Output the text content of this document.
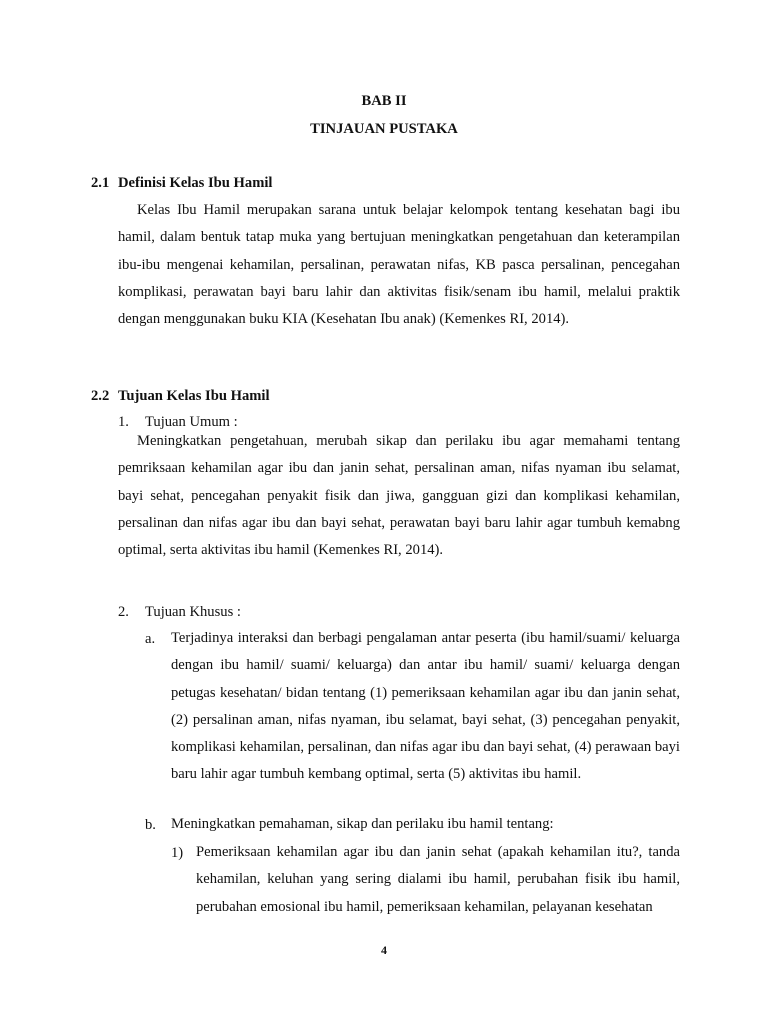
BAB II
TINJAUAN PUSTAKA
2.1 Definisi Kelas Ibu Hamil

Kelas Ibu Hamil merupakan sarana untuk belajar kelompok tentang kesehatan bagi ibu hamil, dalam bentuk tatap muka yang bertujuan meningkatkan pengetahuan dan keterampilan ibu-ibu mengenai kehamilan, persalinan, perawatan nifas, KB pasca persalinan, pencegahan komplikasi, perawatan bayi baru lahir dan aktivitas fisik/senam ibu hamil, melalui praktik dengan menggunakan buku KIA (Kesehatan Ibu anak) (Kemenkes RI, 2014).

2.2 Tujuan Kelas Ibu Hamil
1. Tujuan Umum :

Meningkatkan pengetahuan, merubah sikap dan perilaku ibu agar memahami tentang pemriksaan kehamilan agar ibu dan janin sehat, persalinan aman, nifas nyaman ibu selamat, bayi sehat, pencegahan penyakit fisik dan jiwa, gangguan gizi dan komplikasi kehamilan, persalinan dan nifas agar ibu dan bayi sehat, perawatan bayi baru lahir agar tumbuh kemabng optimal, serta aktivitas ibu hamil (Kemenkes RI, 2014).

2. Tujuan Khusus :
a. Terjadinya interaksi dan berbagi pengalaman antar peserta (ibu hamil/suami/ keluarga dengan ibu hamil/ suami/ keluarga) dan antar ibu hamil/ suami/ keluarga dengan petugas kesehatan/ bidan tentang (1) pemeriksaan kehamilan agar ibu dan janin sehat, (2) persalinan aman, nifas nyaman, ibu selamat, bayi sehat, (3) pencegahan penyakit, komplikasi kehamilan, persalinan, dan nifas agar ibu dan bayi sehat, (4) perawaan bayi baru lahir agar tumbuh kembang optimal, serta (5) aktivitas ibu hamil.

b. Meningkatkan pemahaman, sikap dan perilaku ibu hamil tentang:

1) Pemeriksaan kehamilan agar ibu dan janin sehat (apakah kehamilan itu?, tanda kehamilan, keluhan yang sering dialami ibu hamil, perubahan fisik ibu hamil, perubahan emosional ibu hamil, pemeriksaan kehamilan, pelayanan kesehatan

4
